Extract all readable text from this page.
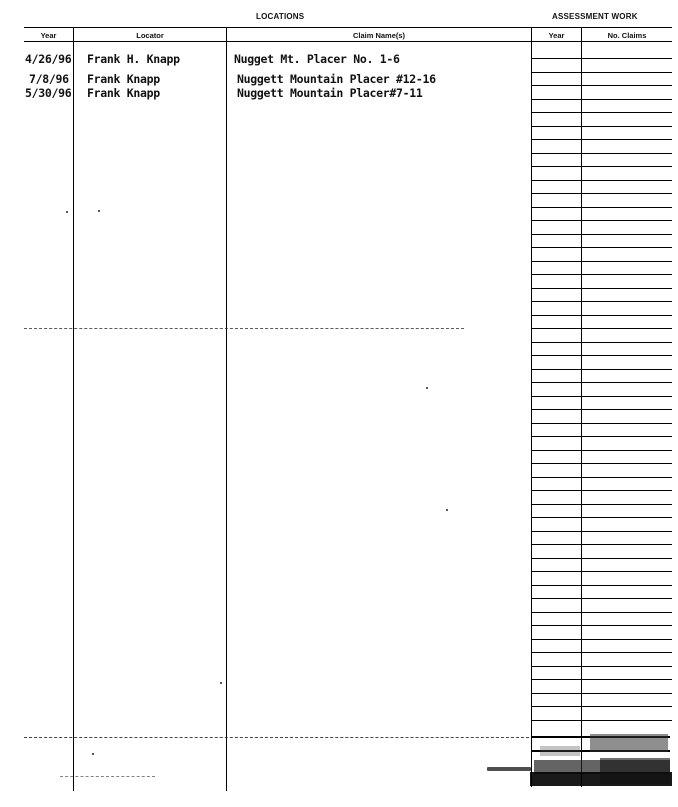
LOCATIONS	ASSESSMENT WORK
Year	Locator	Claim Name(s)	Year	No. Claims
4/26/96 Frank H. Knapp	Nugget Mt. Placer No. 1-6
7/8/96 Frank Knapp	Nuggett Mountain Placer #12-16
5/30/96 Frank Knapp	Nuggett Mountain Placer#7-11
